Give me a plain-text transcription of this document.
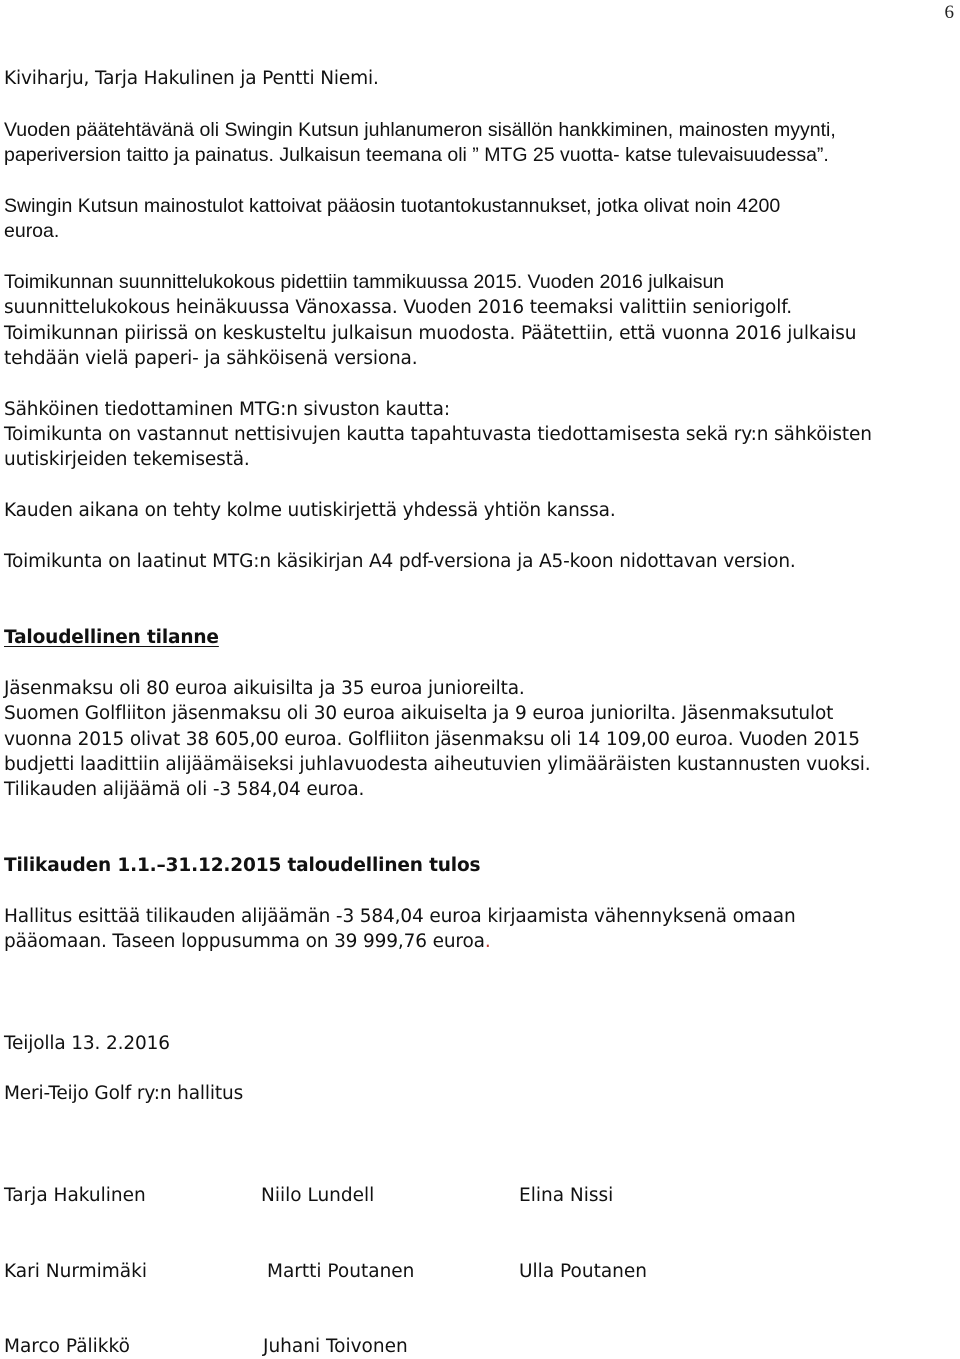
6
Kiviharju, Tarja Hakulinen ja Pentti Niemi.
Vuoden päätehtävänä oli Swingin Kutsun juhlanumeron sisällön hankkiminen, mainosten myynti,
paperiversion taitto ja painatus. Julkaisun teemana oli ” MTG 25 vuotta- katse tulevaisuudessa”.
Swingin Kutsun mainostulot kattoivat pääosin tuotantokustannukset, jotka olivat noin 4200
euroa.
Toimikunnan suunnittelukokous pidettiin tammikuussa 2015. Vuoden 2016 julkaisun
suunnittelukokous heinäkuussa Vänoxassa. Vuoden 2016 teemaksi valittiin seniorigolf.
Toimikunnan piirissä on keskusteltu julkaisun muodosta. Päätettiin, että vuonna 2016 julkaisu
tehdään vielä paperi- ja sähköisenä versiona.
Sähköinen tiedottaminen MTG:n sivuston kautta:
Toimikunta on vastannut nettisivujen kautta tapahtuvasta tiedottamisesta sekä ry:n sähköisten
uutiskirjeiden tekemisestä.
Kauden aikana on tehty kolme uutiskirjettä yhdessä yhtiön kanssa.
Toimikunta on laatinut MTG:n käsikirjan A4 pdf-versiona ja A5-koon nidottavan version.
Taloudellinen tilanne
Jäsenmaksu oli 80 euroa aikuisilta ja 35 euroa junioreilta.
Suomen Golfliiton jäsenmaksu oli 30 euroa aikuiselta ja 9 euroa juniorilta. Jäsenmaksutulot
vuonna 2015 olivat 38 605,00 euroa. Golfliiton jäsenmaksu oli 14 109,00 euroa. Vuoden 2015
budjetti laadittiin alijäämäiseksi juhlavuodesta aiheutuvien ylimääräisten kustannusten vuoksi.
Tilikauden alijäämä oli -3 584,04 euroa.
Tilikauden 1.1.–31.12.2015 taloudellinen tulos
Hallitus esittää tilikauden alijäämän -3 584,04 euroa kirjaamista vähennyksenä omaan
pääomaan. Taseen loppusumma on 39 999,76 euroa.
Teijolla 13. 2.2016
Meri-Teijo Golf ry:n hallitus
Tarja Hakulinen	Niilo Lundell	Elina Nissi
Kari Nurmimäki	Martti Poutanen	Ulla Poutanen
Marco Pälikkö	Juhani Toivonen
